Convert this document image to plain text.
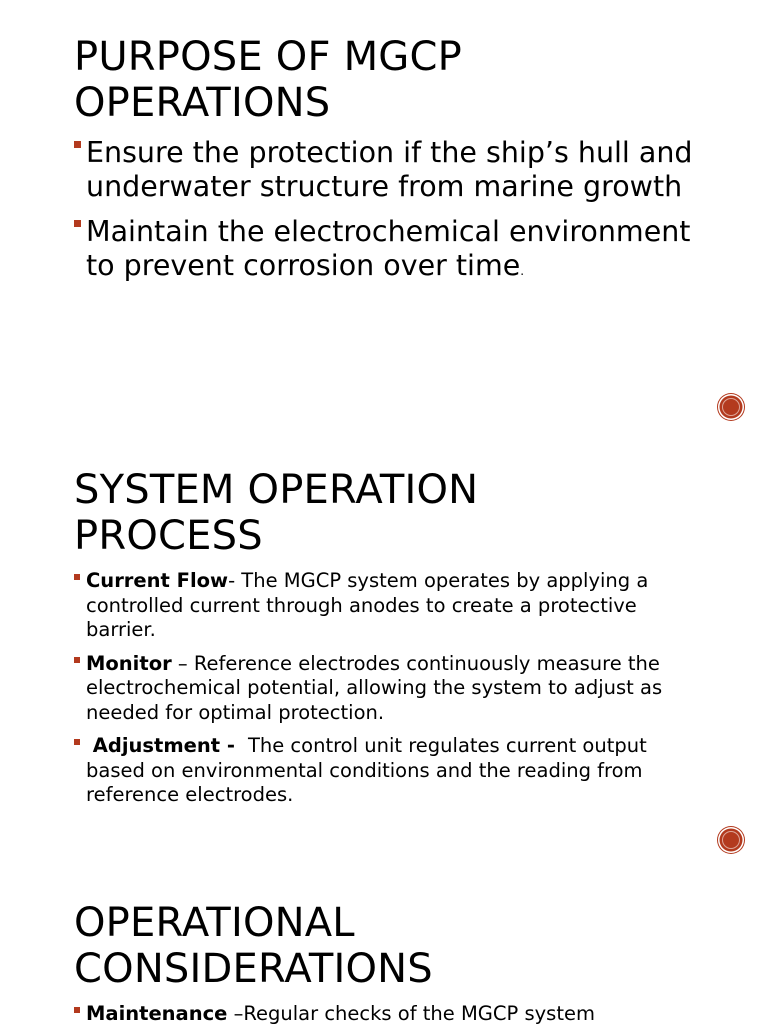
PURPOSE OF MGCP
OPERATIONS
Ensure the protection if the ship’s hull and underwater structure from marine growth
Maintain the electrochemical environment to prevent corrosion over time.
SYSTEM OPERATION
PROCESS
Current Flow- The MGCP system operates by applying a controlled current through anodes to create a protective barrier.
Monitor – Reference electrodes continuously measure the electrochemical potential, allowing the system to adjust as needed for optimal protection.
Adjustment -  The control unit regulates current output based on environmental conditions and the reading from reference electrodes.
OPERATIONAL
CONSIDERATIONS
Maintenance –Regular checks of the MGCP system
